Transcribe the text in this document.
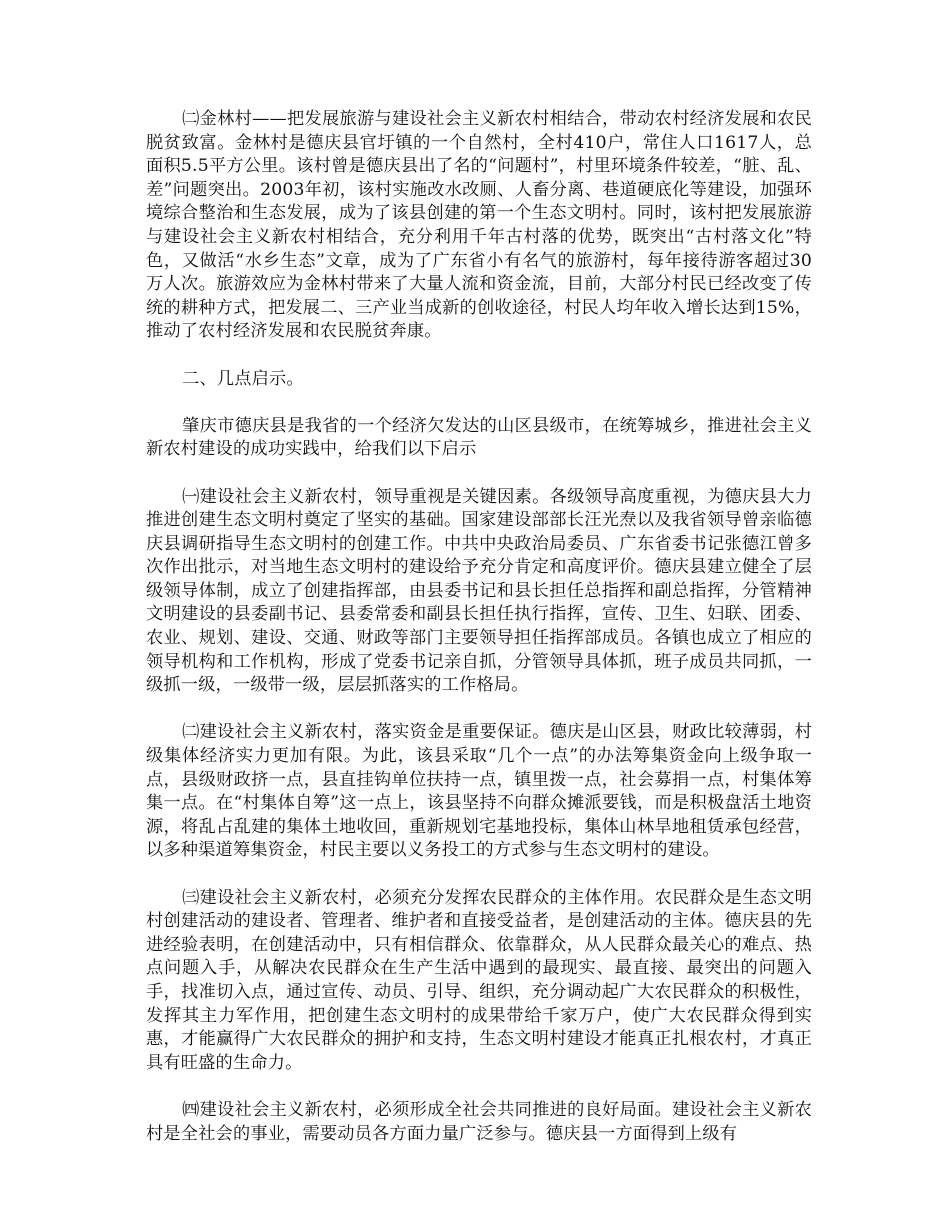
㈡金林村——把发展旅游与建设社会主义新农村相结合，带动农村经济发展和农民脱贫致富。金林村是德庆县官圩镇的一个自然村，全村410户，常住人口1617人，总面积5.5平方公里。该村曾是德庆县出了名的“问题村”，村里环境条件较差，“脏、乱、差”问题突出。2003年初，该村实施改水改厕、人畜分离、巷道硬底化等建设，加强环境综合整治和生态发展，成为了该县创建的第一个生态文明村。同时，该村把发展旅游与建设社会主义新农村相结合，充分利用千年古村落的优势，既突出“古村落文化”特色，又做活“水乡生态”文章，成为了广东省小有名气的旅游村，每年接待游客超过30万人次。旅游效应为金林村带来了大量人流和资金流，目前，大部分村民已经改变了传统的耕种方式，把发展二、三产业当成新的创收途径，村民人均年收入增长达到15%，推动了农村经济发展和农民脱贫奔康。

二、几点启示。

肇庆市德庆县是我省的一个经济欠发达的山区县级市，在统筹城乡，推进社会主义新农村建设的成功实践中，给我们以下启示

㈠建设社会主义新农村，领导重视是关键因素。各级领导高度重视，为德庆县大力推进创建生态文明村奠定了坚实的基础。国家建设部部长汪光焘以及我省领导曾亲临德庆县调研指导生态文明村的创建工作。中共中央政治局委员、广东省委书记张德江曾多次作出批示，对当地生态文明村的建设给予充分肯定和高度评价。德庆县建立健全了层级领导体制，成立了创建指挥部，由县委书记和县长担任总指挥和副总指挥，分管精神文明建设的县委副书记、县委常委和副县长担任执行指挥，宣传、卫生、妇联、团委、农业、规划、建设、交通、财政等部门主要领导担任指挥部成员。各镇也成立了相应的领导机构和工作机构，形成了党委书记亲自抓，分管领导具体抓，班子成员共同抓，一级抓一级，一级带一级，层层抓落实的工作格局。

㈡建设社会主义新农村，落实资金是重要保证。德庆是山区县，财政比较薄弱，村级集体经济实力更加有限。为此，该县采取“几个一点”的办法筹集资金向上级争取一点，县级财政挤一点，县直挂钩单位扶持一点，镇里拨一点，社会募捐一点，村集体筹集一点。在“村集体自筹”这一点上，该县坚持不向群众摊派要钱，而是积极盘活土地资源，将乱占乱建的集体土地收回，重新规划宅基地投标，集体山林旱地租赁承包经营，以多种渠道筹集资金，村民主要以义务投工的方式参与生态文明村的建设。

㈢建设社会主义新农村，必须充分发挥农民群众的主体作用。农民群众是生态文明村创建活动的建设者、管理者、维护者和直接受益者，是创建活动的主体。德庆县的先进经验表明，在创建活动中，只有相信群众、依靠群众，从人民群众最关心的难点、热点问题入手，从解决农民群众在生产生活中遇到的最现实、最直接、最突出的问题入手，找准切入点，通过宣传、动员、引导、组织，充分调动起广大农民群众的积极性，发挥其主力军作用，把创建生态文明村的成果带给千家万户，使广大农民群众得到实惠，才能赢得广大农民群众的拥护和支持，生态文明村建设才能真正扎根农村，才真正具有旺盛的生命力。

㈣建设社会主义新农村，必须形成全社会共同推进的良好局面。建设社会主义新农村是全社会的事业，需要动员各方面力量广泛参与。德庆县一方面得到上级有
